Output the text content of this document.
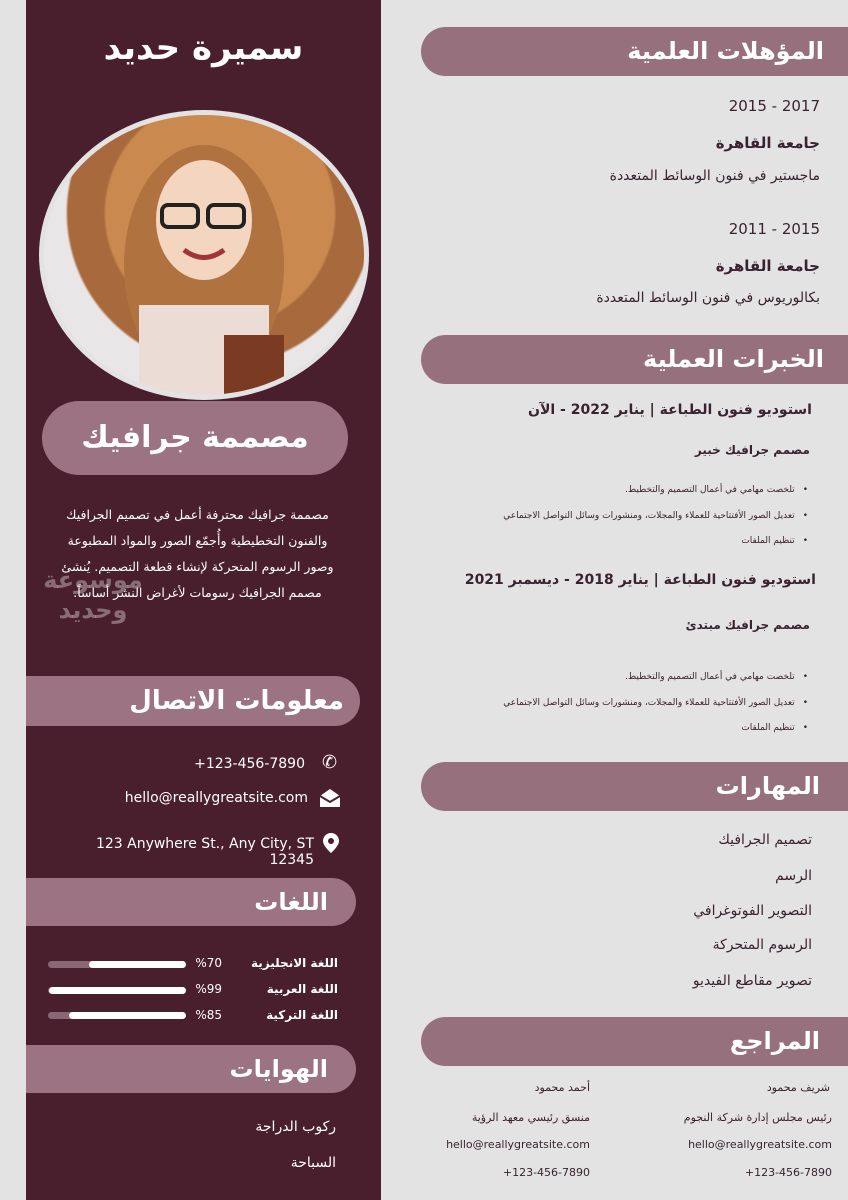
سميرة حديد
مصممة جرافيك
مصممة جرافيك محترفة أعمل في تصميم الجرافيك والفنون التخطيطية وأُجمّع الصور والمواد المطبوعة وصور الرسوم المتحركة لإنشاء قطعة التصميم. يُنشئ مصمم الجرافيك رسومات لأغراض النشر أساساً.
موسوعة وحديد
معلومات الاتصال
+123-456-7890 ✆
hello@reallygreatsite.com
123 Anywhere St., Any City, ST 12345
اللغات
اللغة الانجليزية
%70
اللغة العربية
%99
اللغة التركية
%85
الهوايات
ركوب الدراجة
السباحة
المؤهلات العلمية
2015 - 2017
جامعة القاهرة
ماجستير في فنون الوسائط المتعددة
2011 - 2015
جامعة القاهرة
بكالوريوس في فنون الوسائط المتعددة
الخبرات العملية
استوديو فنون الطباعة | يناير 2022 - الآن
مصمم جرافيك خبير
• تلخصت مهامي في أعمال التصميم والتخطيط.
• تعديل الصور الأفتتاحية للعملاء والمجلات، ومنشورات وسائل التواصل الاجتماعي
• تنظيم الملفات
استوديو فنون الطباعة | يناير 2018 - ديسمبر 2021
مصمم جرافيك مبتدئ
• تلخصت مهامي في أعمال التصميم والتخطيط.
• تعديل الصور الأفتتاحية للعملاء والمجلات، ومنشورات وسائل التواصل الاجتماعي
• تنظيم الملفات
المهارات
تصميم الجرافيك
الرسم
التصوير الفوتوغرافي
الرسوم المتحركة
تصوير مقاطع الفيديو
المراجع
شريف محمود
رئيس مجلس إدارة شركة النجوم
hello@reallygreatsite.com
+123-456-7890
أحمد محمود
منسق رئيسي معهد الرؤية
hello@reallygreatsite.com
+123-456-7890
